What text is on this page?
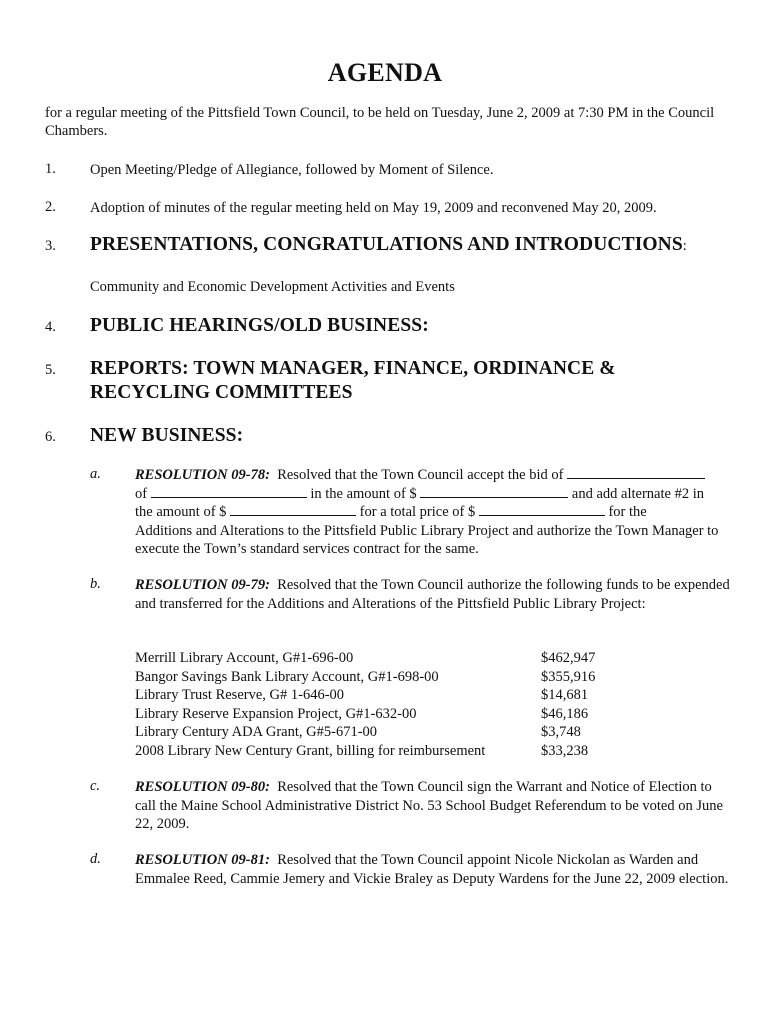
AGENDA
for a regular meeting of the Pittsfield Town Council, to be held on Tuesday, June 2, 2009 at 7:30 PM in the Council Chambers.
1. Open Meeting/Pledge of Allegiance, followed by Moment of Silence.
2. Adoption of minutes of the regular meeting held on May 19, 2009 and reconvened May 20, 2009.
3. PRESENTATIONS, CONGRATULATIONS AND INTRODUCTIONS:
Community and Economic Development Activities and Events
4. PUBLIC HEARINGS/OLD BUSINESS:
5. REPORTS: TOWN MANAGER, FINANCE, ORDINANCE &
RECYCLING COMMITTEES
6. NEW BUSINESS:
a. RESOLUTION 09-78: Resolved that the Town Council accept the bid of
of	in the amount of $	and add alternate #2 in
the amount of $	for a total price of $	for the
Additions and Alterations to the Pittsfield Public Library Project and authorize the Town Manager to execute the Town’s standard services contract for the same.
b. RESOLUTION 09-79: Resolved that the Town Council authorize the following funds to be expended and transferred for the Additions and Alterations of the Pittsfield Public Library Project:
Merrill Library Account, G#1-696-00	$462,947
Bangor Savings Bank Library Account, G#1-698-00	$355,916
Library Trust Reserve, G# 1-646-00	$14,681
Library Reserve Expansion Project, G#1-632-00	$46,186
Library Century ADA Grant, G#5-671-00	$3,748
2008 Library New Century Grant, billing for reimbursement	$33,238
c. RESOLUTION 09-80: Resolved that the Town Council sign the Warrant and Notice of Election to call the Maine School Administrative District No. 53 School Budget Referendum to be voted on June 22, 2009.
d. RESOLUTION 09-81: Resolved that the Town Council appoint Nicole Nickolan as Warden and Emmalee Reed, Cammie Jemery and Vickie Braley as Deputy Wardens for the June 22, 2009 election.
